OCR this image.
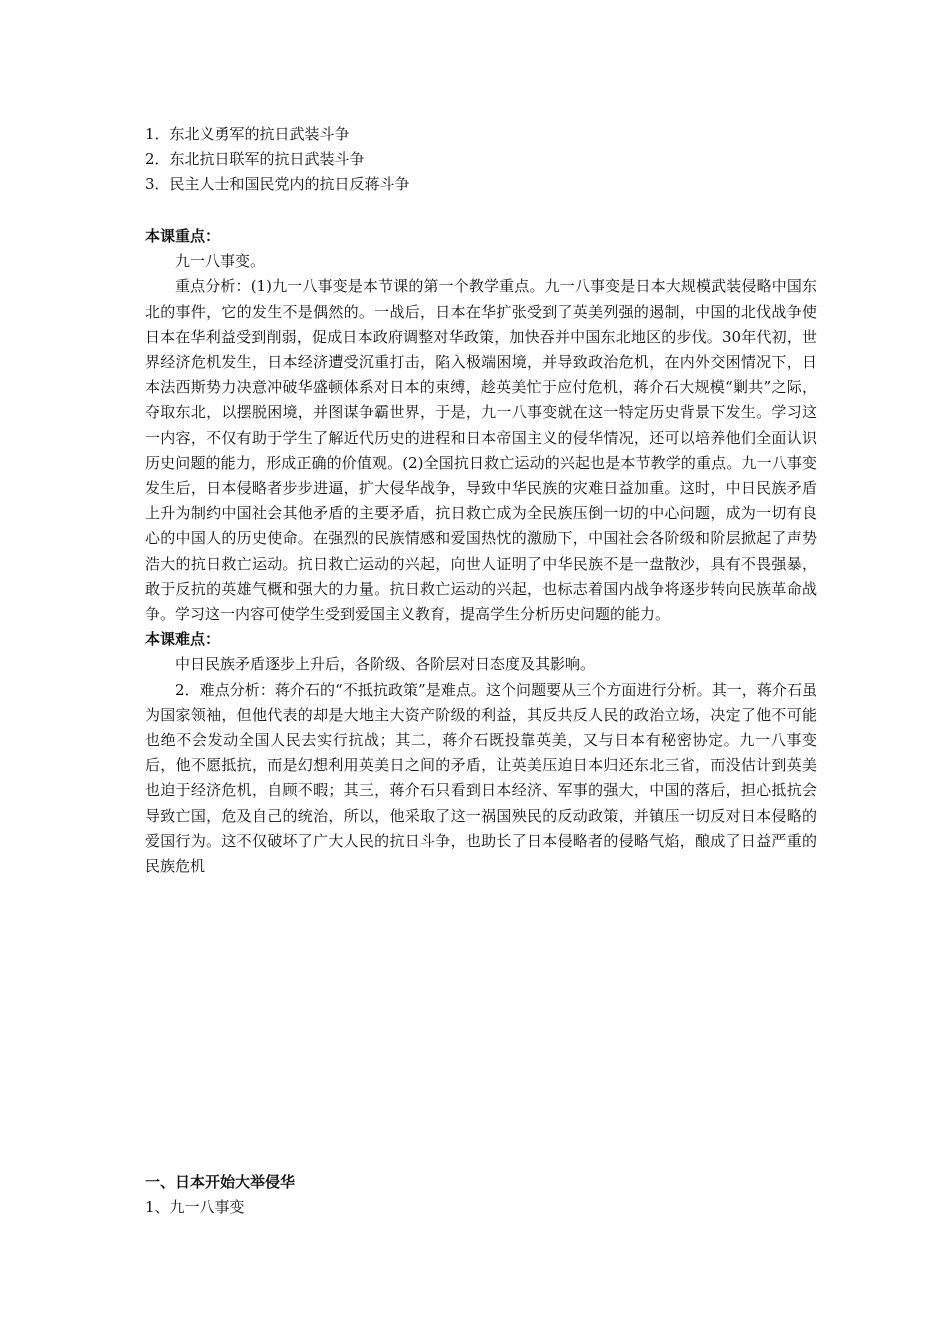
1．东北义勇军的抗日武装斗争
2．东北抗日联军的抗日武装斗争
3．民主人士和国民党内的抗日反蒋斗争
本课重点：
九一八事变。
重点分析：(1)九一八事变是本节课的第一个教学重点。九一八事变是日本大规模武装侵略中国东北的事件，它的发生不是偶然的。一战后，日本在华扩张受到了英美列强的遏制，中国的北伐战争使日本在华利益受到削弱，促成日本政府调整对华政策，加快吞并中国东北地区的步伐。30年代初，世界经济危机发生，日本经济遭受沉重打击，陷入极端困境，并导致政治危机，在内外交困情况下，日本法西斯势力决意冲破华盛顿体系对日本的束缚，趁英美忙于应付危机，蒋介石大规模“剿共”之际，夺取东北，以摆脱困境，并图谋争霸世界，于是，九一八事变就在这一特定历史背景下发生。学习这一内容，不仅有助于学生了解近代历史的进程和日本帝国主义的侵华情况，还可以培养他们全面认识历史问题的能力，形成正确的价值观。(2)全国抗日救亡运动的兴起也是本节教学的重点。九一八事变发生后，日本侵略者步步进逼，扩大侵华战争，导致中华民族的灾难日益加重。这时，中日民族矛盾上升为制约中国社会其他矛盾的主要矛盾，抗日救亡成为全民族压倒一切的中心问题，成为一切有良心的中国人的历史使命。在强烈的民族情感和爱国热忱的激励下，中国社会各阶级和阶层掀起了声势浩大的抗日救亡运动。抗日救亡运动的兴起，向世人证明了中华民族不是一盘散沙，具有不畏强暴，敢于反抗的英雄气概和强大的力量。抗日救亡运动的兴起，也标志着国内战争将逐步转向民族革命战争。学习这一内容可使学生受到爱国主义教育，提高学生分析历史问题的能力。
本课难点：
中日民族矛盾逐步上升后，各阶级、各阶层对日态度及其影响。
2．难点分析：蒋介石的“不抵抗政策”是难点。这个问题要从三个方面进行分析。其一，蒋介石虽为国家领袖，但他代表的却是大地主大资产阶级的利益，其反共反人民的政治立场，决定了他不可能也绝不会发动全国人民去实行抗战；其二，蒋介石既投靠英美，又与日本有秘密协定。九一八事变后，他不愿抵抗，而是幻想利用英美日之间的矛盾，让英美压迫日本归还东北三省，而没估计到英美也迫于经济危机，自顾不暇；其三，蒋介石只看到日本经济、军事的强大，中国的落后，担心抵抗会导致亡国，危及自己的统治，所以，他采取了这一祸国殃民的反动政策，并镇压一切反对日本侵略的爱国行为。这不仅破坏了广大人民的抗日斗争，也助长了日本侵略者的侵略气焰，酿成了日益严重的民族危机
一、日本开始大举侵华
1、九一八事变
